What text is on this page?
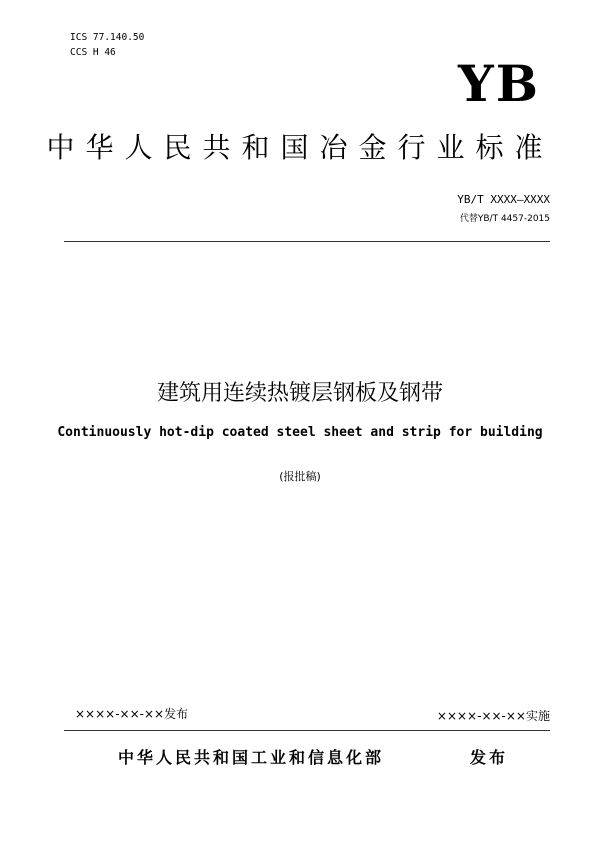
ICS 77.140.50
CCS H 46
YB
中华人民共和国冶金行业标准
YB/T XXXX—XXXX
代替YB/T 4457-2015
建筑用连续热镀层钢板及钢带
Continuously hot-dip coated steel sheet and strip for building
(报批稿)
××××-××-××发布	××××-××-××实施
中华人民共和国工业和信息化部	发布
